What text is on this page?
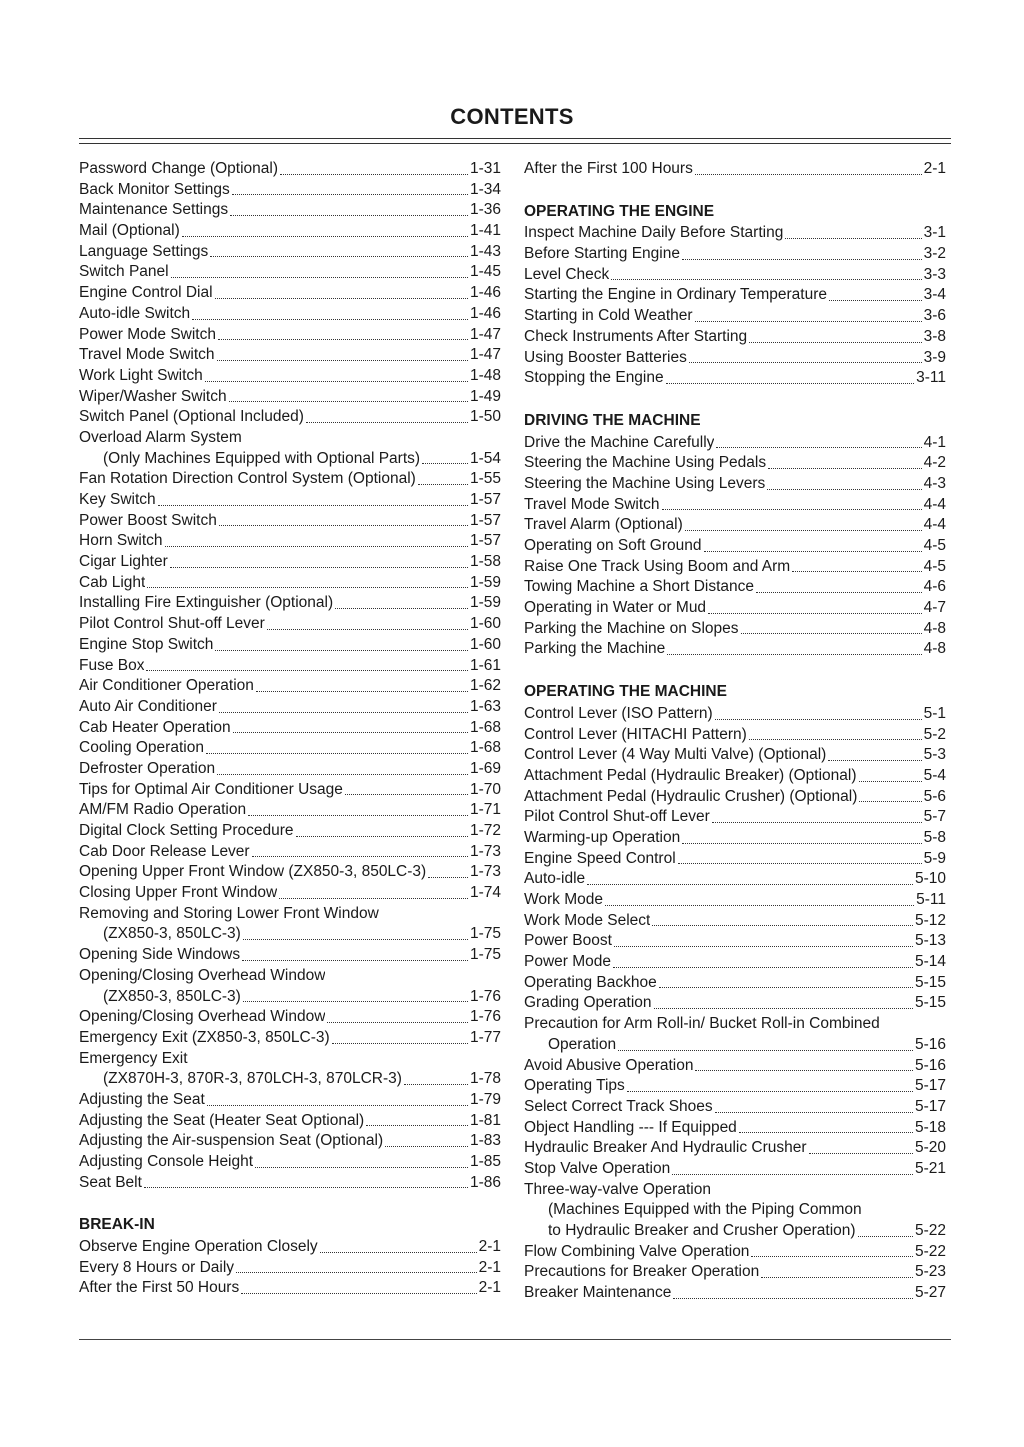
CONTENTS
Password Change (Optional)	1-31
Back Monitor Settings	1-34
Maintenance Settings	1-36
Mail (Optional)	1-41
Language Settings	1-43
Switch Panel	1-45
Engine Control Dial	1-46
Auto-idle Switch	1-46
Power Mode Switch	1-47
Travel Mode Switch	1-47
Work Light Switch	1-48
Wiper/Washer Switch	1-49
Switch Panel (Optional Included)	1-50
Overload Alarm System
(Only Machines Equipped with Optional Parts)	1-54
Fan Rotation Direction Control System (Optional)	1-55
Key Switch	1-57
Power Boost Switch	1-57
Horn Switch	1-57
Cigar Lighter	1-58
Cab Light	1-59
Installing Fire Extinguisher (Optional)	1-59
Pilot Control Shut-off Lever	1-60
Engine Stop Switch	1-60
Fuse Box	1-61
Air Conditioner Operation	1-62
Auto Air Conditioner	1-63
Cab Heater Operation	1-68
Cooling Operation	1-68
Defroster Operation	1-69
Tips for Optimal Air Conditioner Usage	1-70
AM/FM Radio Operation	1-71
Digital Clock Setting Procedure	1-72
Cab Door Release Lever	1-73
Opening Upper Front Window (ZX850-3, 850LC-3)	1-73
Closing Upper Front Window	1-74
Removing and Storing Lower Front Window
(ZX850-3, 850LC-3)	1-75
Opening Side Windows	1-75
Opening/Closing Overhead Window
(ZX850-3, 850LC-3)	1-76
Opening/Closing Overhead Window	1-76
Emergency Exit (ZX850-3, 850LC-3)	1-77
Emergency Exit
(ZX870H-3, 870R-3, 870LCH-3, 870LCR-3)	1-78
Adjusting the Seat	1-79
Adjusting the Seat (Heater Seat Optional)	1-81
Adjusting the Air-suspension Seat (Optional)	1-83
Adjusting Console Height	1-85
Seat Belt	1-86
BREAK-IN
Observe Engine Operation Closely	2-1
Every 8 Hours or Daily	2-1
After the First 50 Hours	2-1
After the First 100 Hours	2-1
OPERATING THE ENGINE
Inspect Machine Daily Before Starting	3-1
Before Starting Engine	3-2
Level Check	3-3
Starting the Engine in Ordinary Temperature	3-4
Starting in Cold Weather	3-6
Check Instruments After Starting	3-8
Using Booster Batteries	3-9
Stopping the Engine	3-11
DRIVING THE MACHINE
Drive the Machine Carefully	4-1
Steering the Machine Using Pedals	4-2
Steering the Machine Using Levers	4-3
Travel Mode Switch	4-4
Travel Alarm (Optional)	4-4
Operating on Soft Ground	4-5
Raise One Track Using Boom and Arm	4-5
Towing Machine a Short Distance	4-6
Operating in Water or Mud	4-7
Parking the Machine on Slopes	4-8
Parking the Machine	4-8
OPERATING THE MACHINE
Control Lever (ISO Pattern)	5-1
Control Lever (HITACHI Pattern)	5-2
Control Lever (4 Way Multi Valve) (Optional)	5-3
Attachment Pedal (Hydraulic Breaker) (Optional)	5-4
Attachment Pedal (Hydraulic Crusher) (Optional)	5-6
Pilot Control Shut-off Lever	5-7
Warming-up Operation	5-8
Engine Speed Control	5-9
Auto-idle	5-10
Work Mode	5-11
Work Mode Select	5-12
Power Boost	5-13
Power Mode	5-14
Operating Backhoe	5-15
Grading Operation	5-15
Precaution for Arm Roll-in/ Bucket Roll-in Combined
Operation	5-16
Avoid Abusive Operation	5-16
Operating Tips	5-17
Select Correct Track Shoes	5-17
Object Handling --- If Equipped	5-18
Hydraulic Breaker And Hydraulic Crusher	5-20
Stop Valve Operation	5-21
Three-way-valve Operation
(Machines Equipped with the Piping Common
to Hydraulic Breaker and Crusher Operation)	5-22
Flow Combining Valve Operation	5-22
Precautions for Breaker Operation	5-23
Breaker Maintenance	5-27
